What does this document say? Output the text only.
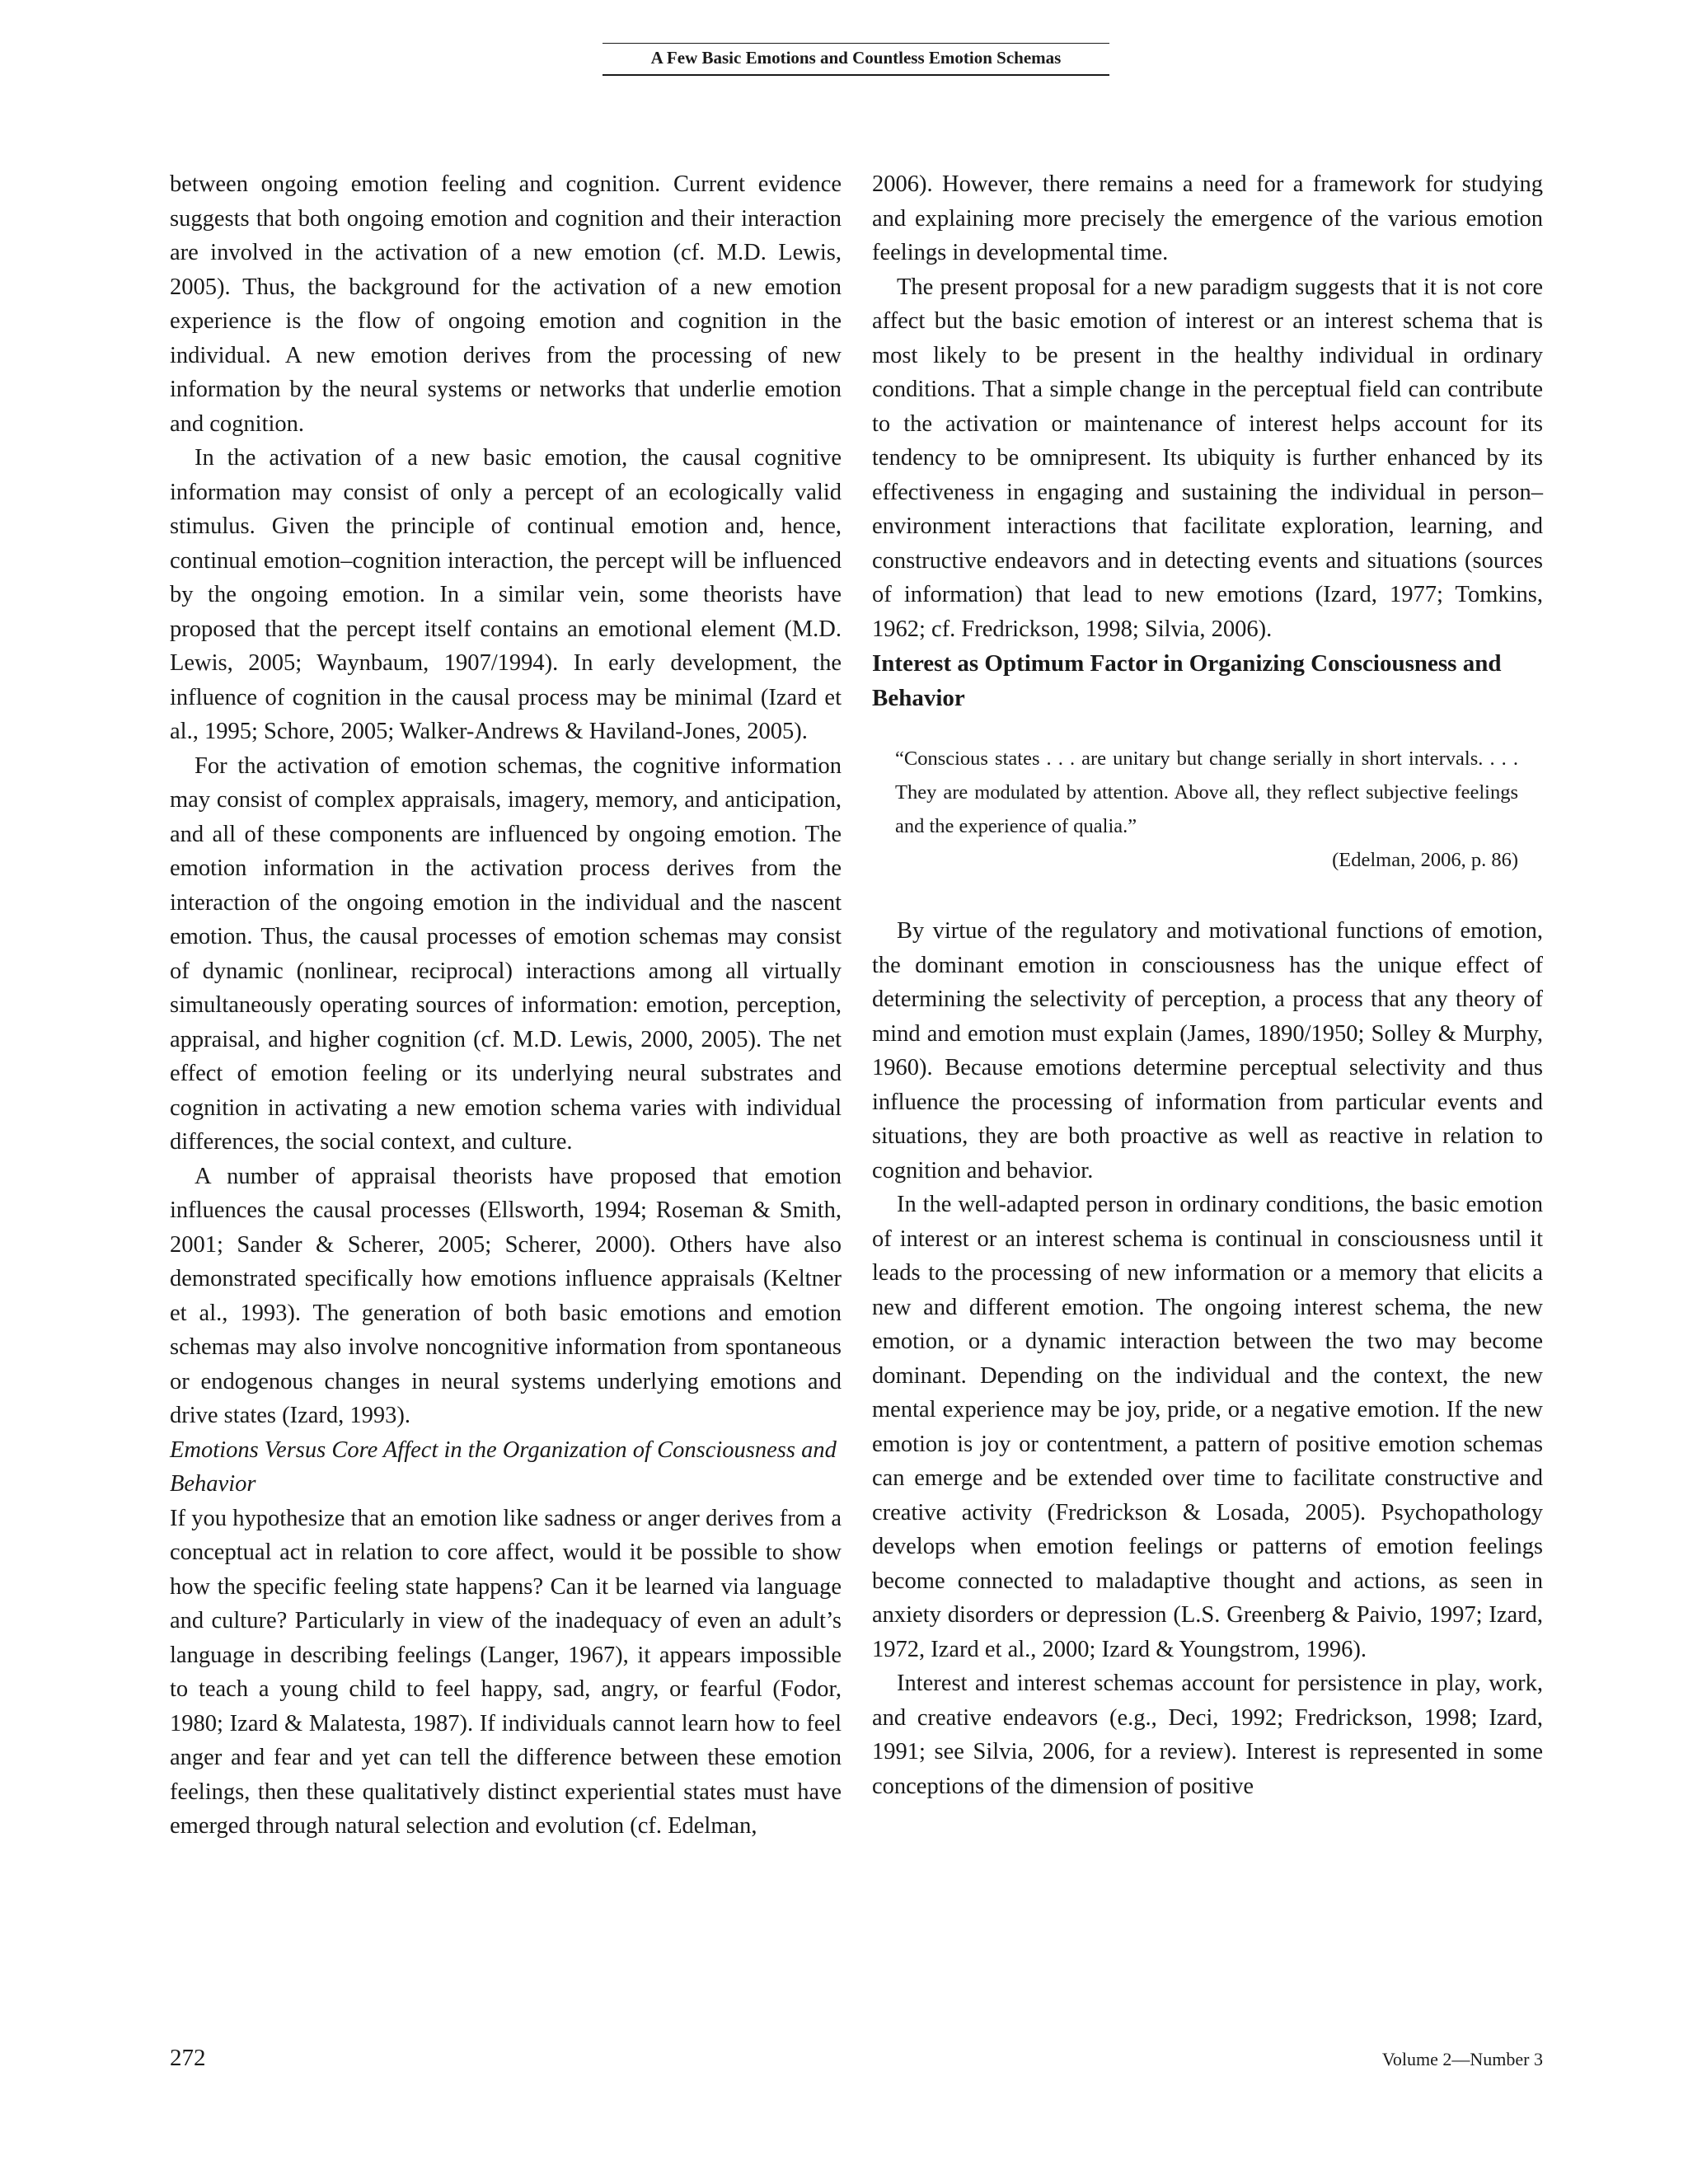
A Few Basic Emotions and Countless Emotion Schemas

between ongoing emotion feeling and cognition. Current evidence suggests that both ongoing emotion and cognition and their interaction are involved in the activation of a new emotion (cf. M.D. Lewis, 2005). Thus, the background for the activation of a new emotion experience is the flow of ongoing emotion and cognition in the individual. A new emotion derives from the processing of new information by the neural systems or networks that underlie emotion and cognition.

In the activation of a new basic emotion, the causal cognitive information may consist of only a percept of an ecologically valid stimulus. Given the principle of continual emotion and, hence, continual emotion–cognition interaction, the percept will be influenced by the ongoing emotion. In a similar vein, some theorists have proposed that the percept itself contains an emotional element (M.D. Lewis, 2005; Waynbaum, 1907/1994). In early development, the influence of cognition in the causal process may be minimal (Izard et al., 1995; Schore, 2005; Walker-Andrews & Haviland-Jones, 2005).

For the activation of emotion schemas, the cognitive information may consist of complex appraisals, imagery, memory, and anticipation, and all of these components are influenced by ongoing emotion. The emotion information in the activation process derives from the interaction of the ongoing emotion in the individual and the nascent emotion. Thus, the causal processes of emotion schemas may consist of dynamic (nonlinear, reciprocal) interactions among all virtually simultaneously operating sources of information: emotion, perception, appraisal, and higher cognition (cf. M.D. Lewis, 2000, 2005). The net effect of emotion feeling or its underlying neural substrates and cognition in activating a new emotion schema varies with individual differences, the social context, and culture.

A number of appraisal theorists have proposed that emotion influences the causal processes (Ellsworth, 1994; Roseman & Smith, 2001; Sander & Scherer, 2005; Scherer, 2000). Others have also demonstrated specifically how emotions influence appraisals (Keltner et al., 1993). The generation of both basic emotions and emotion schemas may also involve noncognitive information from spontaneous or endogenous changes in neural systems underlying emotions and drive states (Izard, 1993).

Emotions Versus Core Affect in the Organization of Consciousness and Behavior

If you hypothesize that an emotion like sadness or anger derives from a conceptual act in relation to core affect, would it be possible to show how the specific feeling state happens? Can it be learned via language and culture? Particularly in view of the inadequacy of even an adult’s language in describing feelings (Langer, 1967), it appears impossible to teach a young child to feel happy, sad, angry, or fearful (Fodor, 1980; Izard & Malatesta, 1987). If individuals cannot learn how to feel anger and fear and yet can tell the difference between these emotion feelings, then these qualitatively distinct experiential states must have emerged through natural selection and evolution (cf. Edelman,

2006). However, there remains a need for a framework for studying and explaining more precisely the emergence of the various emotion feelings in developmental time.

The present proposal for a new paradigm suggests that it is not core affect but the basic emotion of interest or an interest schema that is most likely to be present in the healthy individual in ordinary conditions. That a simple change in the perceptual field can contribute to the activation or maintenance of interest helps account for its tendency to be omnipresent. Its ubiquity is further enhanced by its effectiveness in engaging and sustaining the individual in person–environment interactions that facilitate exploration, learning, and constructive endeavors and in detecting events and situations (sources of information) that lead to new emotions (Izard, 1977; Tomkins, 1962; cf. Fredrickson, 1998; Silvia, 2006).

Interest as Optimum Factor in Organizing Consciousness and Behavior

“Conscious states . . . are unitary but change serially in short intervals. . . . They are modulated by attention. Above all, they reflect subjective feelings and the experience of qualia.”
(Edelman, 2006, p. 86)

By virtue of the regulatory and motivational functions of emotion, the dominant emotion in consciousness has the unique effect of determining the selectivity of perception, a process that any theory of mind and emotion must explain (James, 1890/1950; Solley & Murphy, 1960). Because emotions determine perceptual selectivity and thus influence the processing of information from particular events and situations, they are both proactive as well as reactive in relation to cognition and behavior.

In the well-adapted person in ordinary conditions, the basic emotion of interest or an interest schema is continual in consciousness until it leads to the processing of new information or a memory that elicits a new and different emotion. The ongoing interest schema, the new emotion, or a dynamic interaction between the two may become dominant. Depending on the individual and the context, the new mental experience may be joy, pride, or a negative emotion. If the new emotion is joy or contentment, a pattern of positive emotion schemas can emerge and be extended over time to facilitate constructive and creative activity (Fredrickson & Losada, 2005). Psychopathology develops when emotion feelings or patterns of emotion feelings become connected to maladaptive thought and actions, as seen in anxiety disorders or depression (L.S. Greenberg & Paivio, 1997; Izard, 1972, Izard et al., 2000; Izard & Youngstrom, 1996).

Interest and interest schemas account for persistence in play, work, and creative endeavors (e.g., Deci, 1992; Fredrickson, 1998; Izard, 1991; see Silvia, 2006, for a review). Interest is represented in some conceptions of the dimension of positive

272	Volume 2—Number 3
